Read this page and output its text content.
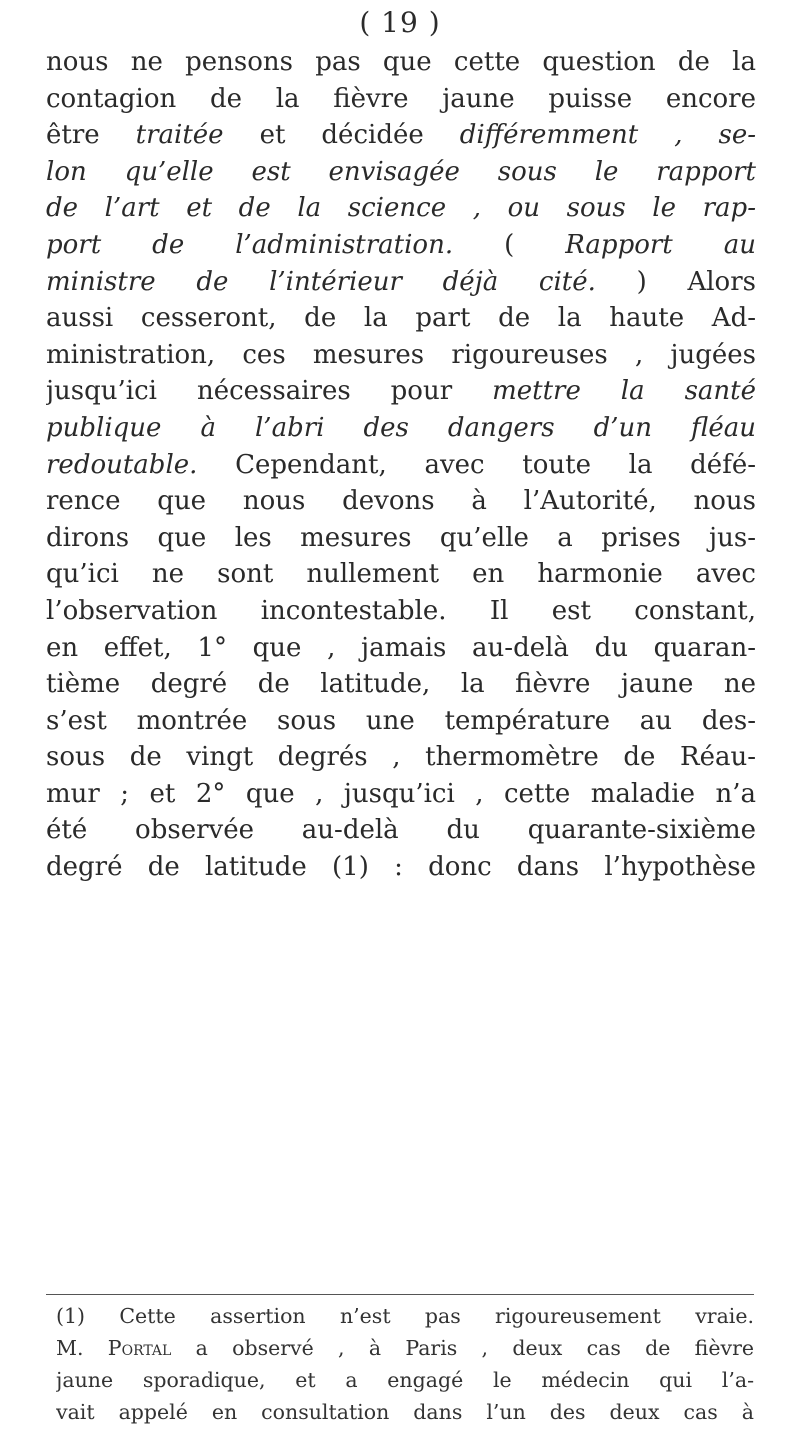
( 19 )
nous ne pensons pas que cette question de la
contagion de la fièvre jaune puisse encore
être traitée et décidée différemment , se-
lon qu’elle est envisagée sous le rapport
de l’art et de la science , ou sous le rap-
port de l’administration. ( Rapport au
ministre de l’intérieur déjà cité. ) Alors
aussi cesseront, de la part de la haute Ad-
ministration, ces mesures rigoureuses , jugées
jusqu’ici nécessaires pour mettre la santé
publique à l’abri des dangers d’un fléau
redoutable. Cependant, avec toute la défé-
rence que nous devons à l’Autorité, nous
dirons que les mesures qu’elle a prises jus-
qu’ici ne sont nullement en harmonie avec
l’observation incontestable. Il est constant,
en effet, 1° que , jamais au-delà du quaran-
tième degré de latitude, la fièvre jaune ne
s’est montrée sous une température au des-
sous de vingt degrés , thermomètre de Réau-
mur ; et 2° que , jusqu’ici , cette maladie n’a
été observée au-delà du quarante-sixième
degré de latitude (1) : donc dans l’hypothèse
(1) Cette assertion n’est pas rigoureusement vraie.
M. Portal a observé , à Paris , deux cas de fièvre
jaune sporadique, et a engagé le médecin qui l’a-
vait appelé en consultation dans l’un des deux cas à
